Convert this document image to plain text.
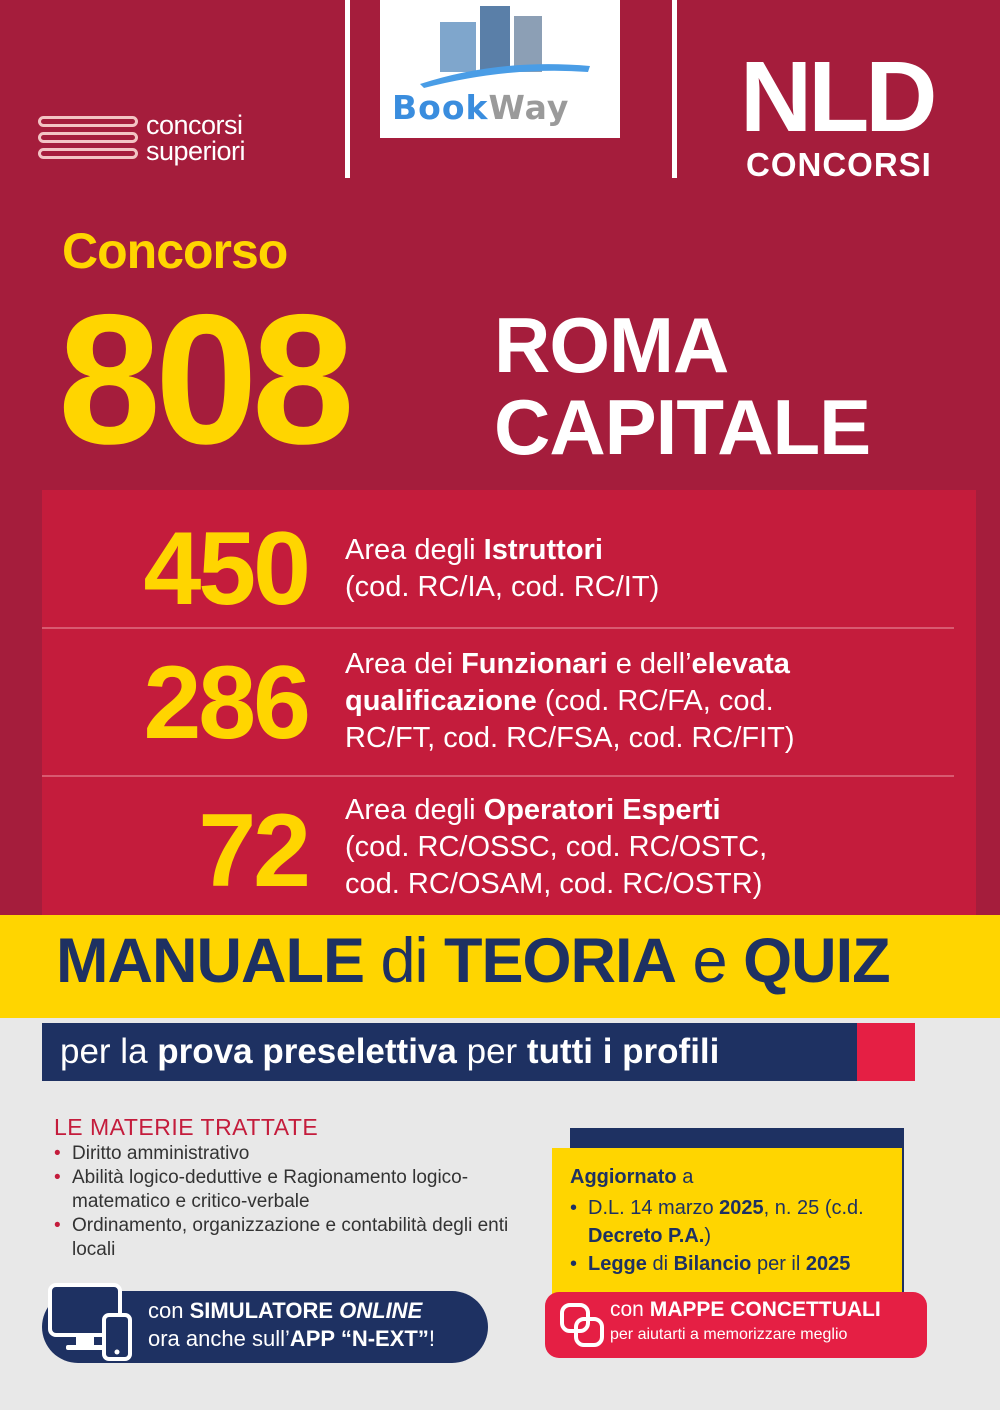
concorsi
superiori
BookWay NLD
CONCORSI
Concorso
808 ROMA
CAPITALE
450 Area degli Istruttori
(cod. RC/IA, cod. RC/IT)
286 Area dei Funzionari e dell’elevata
qualificazione (cod. RC/FA, cod.
RC/FT, cod. RC/FSA, cod. RC/FIT)
72 Area degli Operatori Esperti
(cod. RC/OSSC, cod. RC/OSTC,
cod. RC/OSAM, cod. RC/OSTR)
MANUALE di TEORIA e QUIZ
per la prova preselettiva per tutti i profili
LE MATERIE TRATTATE
• Diritto amministrativo
• Abilità logico-deduttive e Ragionamento logico-matematico e critico-verbale
• Ordinamento, organizzazione e contabilità degli enti locali
con SIMULATORE ONLINE
ora anche sull’APP “N-EXT”!
Aggiornato a
• D.L. 14 marzo 2025, n. 25 (c.d. Decreto P.A.)
• Legge di Bilancio per il 2025
con MAPPE CONCETTUALI
per aiutarti a memorizzare meglio
